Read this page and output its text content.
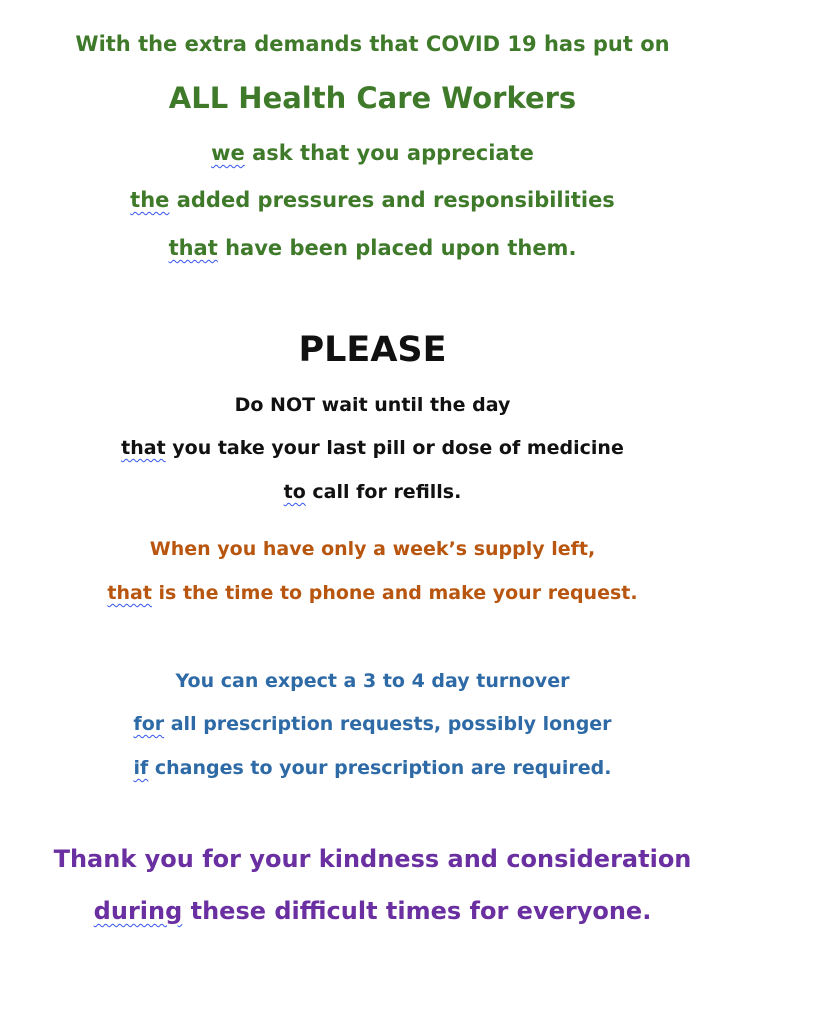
With the extra demands that COVID 19 has put on
ALL Health Care Workers
we ask that you appreciate
the added pressures and responsibilities
that have been placed upon them.
PLEASE
Do NOT wait until the day
that you take your last pill or dose of medicine
to call for refills.
When you have only a week’s supply left,
that is the time to phone and make your request.
You can expect a 3 to 4 day turnover
for all prescription requests, possibly longer
if changes to your prescription are required.
Thank you for your kindness and consideration
during these difficult times for everyone.
